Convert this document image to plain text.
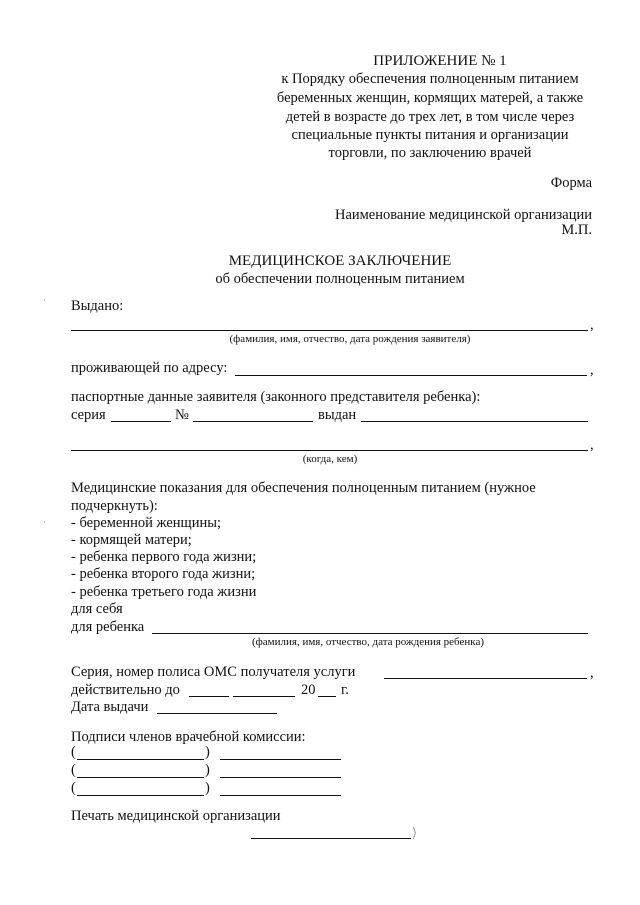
·
·
ПРИЛОЖЕНИЕ № 1
к Порядку обеспечения полноценным питанием
беременных женщин, кормящих матерей, а также
детей в возрасте до трех лет, в том числе через
специальные пункты питания и организации
торговли, по заключению врачей
Форма
Наименование медицинской организации
М.П.
МЕДИЦИНСКОЕ ЗАКЛЮЧЕНИЕ
об обеспечении полноценным питанием
Выдано:
,
(фамилия, имя, отчество, дата рождения заявителя)
проживающей по адресу:	,
паспортные данные заявителя (законного представителя ребенка):
серия	№	выдан
,
(когда, кем)
Медицинские показания для обеспечения полноценным питанием (нужное
подчеркнуть):
- беременной женщины;
- кормящей матери;
- ребенка первого года жизни;
- ребенка второго года жизни;
- ребенка третьего года жизни
для себя
для ребенка
(фамилия, имя, отчество, дата рождения ребенка)
Серия, номер полиса ОМС получателя услуги	,
действительно до	20 г.
Дата выдачи
Подписи членов врачебной комиссии:
(	)
(	)
(	)
Печать медицинской организации
⟩
